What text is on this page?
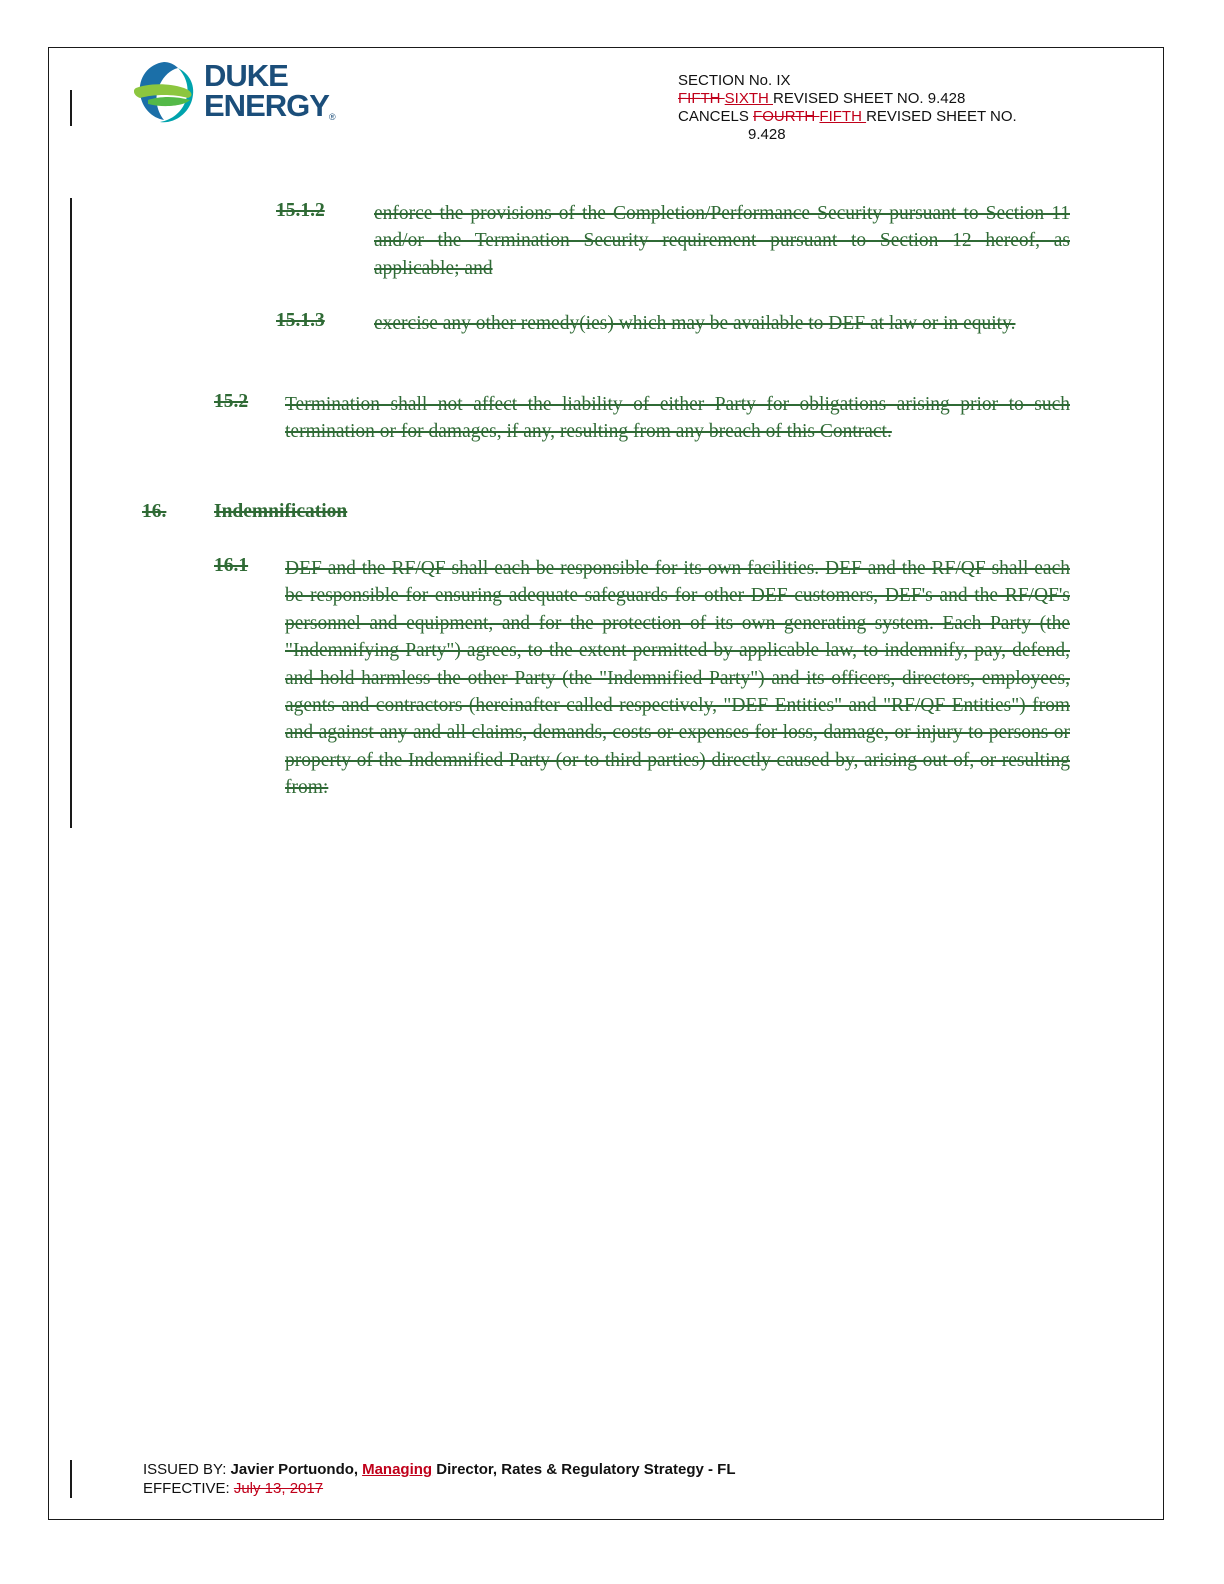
DUKE
ENERGY ®
SECTION No. IX
FIFTH SIXTH REVISED SHEET NO. 9.428
CANCELS FOURTH FIFTH REVISED SHEET NO.
9.428
15.1.2	enforce the provisions of the Completion/Performance Security pursuant to Section 11 and/or the Termination Security requirement pursuant to Section 12 hereof, as applicable; and
15.1.3	exercise any other remedy(ies) which may be available to DEF at law or in equity.
15.2 Termination shall not affect the liability of either Party for obligations arising prior to such termination or for damages, if any, resulting from any breach of this Contract.
16. Indemnification
16.1 DEF and the RF/QF shall each be responsible for its own facilities. DEF and the RF/QF shall each be responsible for ensuring adequate safeguards for other DEF customers, DEF's and the RF/QF's personnel and equipment, and for the protection of its own generating system. Each Party (the "Indemnifying Party") agrees, to the extent permitted by applicable law, to indemnify, pay, defend, and hold harmless the other Party (the "Indemnified Party") and its officers, directors, employees, agents and contractors (hereinafter called respectively, "DEF Entities" and "RF/QF Entities") from and against any and all claims, demands, costs or expenses for loss, damage, or injury to persons or property of the Indemnified Party (or to third parties) directly caused by, arising out of, or resulting from:
ISSUED BY: Javier Portuondo, Managing Director, Rates & Regulatory Strategy - FL
EFFECTIVE: July 13, 2017
